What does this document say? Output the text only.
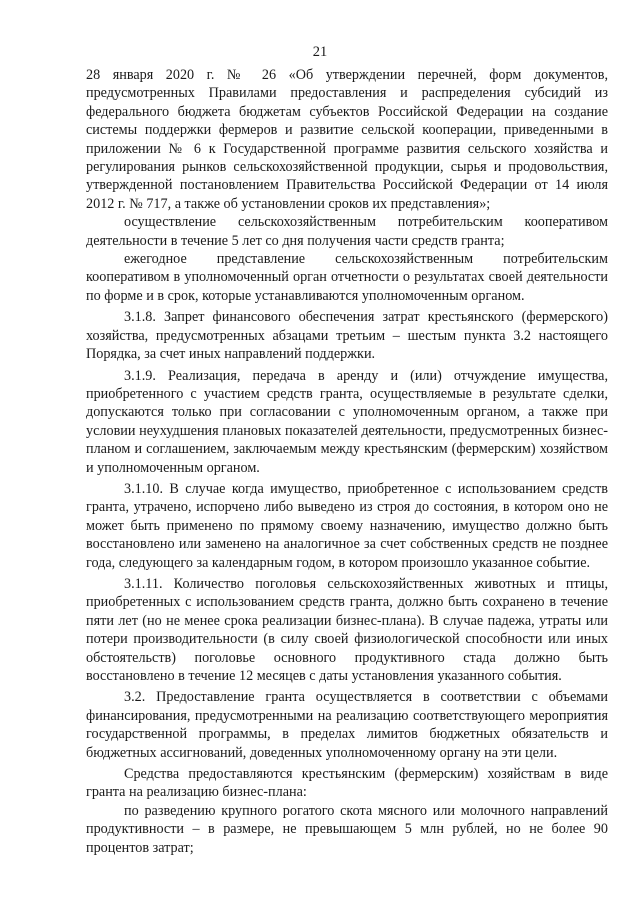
21

28 января 2020 г. № 26 «Об утверждении перечней, форм документов, предусмотренных Правилами предоставления и распределения субсидий из федерального бюджета бюджетам субъектов Российской Федерации на создание системы поддержки фермеров и развитие сельской кооперации, приведенными в приложении № 6 к Государственной программе развития сельского хозяйства и регулирования рынков сельскохозяйственной продукции, сырья и продовольствия, утвержденной постановлением Правительства Российской Федерации от 14 июля 2012 г. № 717, а также об установлении сроков их представления»;

осуществление сельскохозяйственным потребительским кооперативом деятельности в течение 5 лет со дня получения части средств гранта;

ежегодное представление сельскохозяйственным потребительским кооперативом в уполномоченный орган отчетности о результатах своей деятельности по форме и в срок, которые устанавливаются уполномоченным органом.

3.1.8. Запрет финансового обеспечения затрат крестьянского (фермерского) хозяйства, предусмотренных абзацами третьим – шестым пункта 3.2 настоящего Порядка, за счет иных направлений поддержки.

3.1.9. Реализация, передача в аренду и (или) отчуждение имущества, приобретенного с участием средств гранта, осуществляемые в результате сделки, допускаются только при согласовании с уполномоченным органом, а также при условии неухудшения плановых показателей деятельности, предусмотренных бизнес-планом и соглашением, заключаемым между крестьянским (фермерским) хозяйством и уполномоченным органом.

3.1.10. В случае когда имущество, приобретенное с использованием средств гранта, утрачено, испорчено либо выведено из строя до состояния, в котором оно не может быть применено по прямому своему назначению, имущество должно быть восстановлено или заменено на аналогичное за счет собственных средств не позднее года, следующего за календарным годом, в котором произошло указанное событие.

3.1.11. Количество поголовья сельскохозяйственных животных и птицы, приобретенных с использованием средств гранта, должно быть сохранено в течение пяти лет (но не менее срока реализации бизнес-плана). В случае падежа, утраты или потери производительности (в силу своей физиологической способности или иных обстоятельств) поголовье основного продуктивного стада должно быть восстановлено в течение 12 месяцев с даты установления указанного события.

3.2. Предоставление гранта осуществляется в соответствии с объемами финансирования, предусмотренными на реализацию соответствующего мероприятия государственной программы, в пределах лимитов бюджетных обязательств и бюджетных ассигнований, доведенных уполномоченному органу на эти цели.

Средства предоставляются крестьянским (фермерским) хозяйствам в виде гранта на реализацию бизнес-плана:

по разведению крупного рогатого скота мясного или молочного направлений продуктивности – в размере, не превышающем 5 млн рублей, но не более 90 процентов затрат;
